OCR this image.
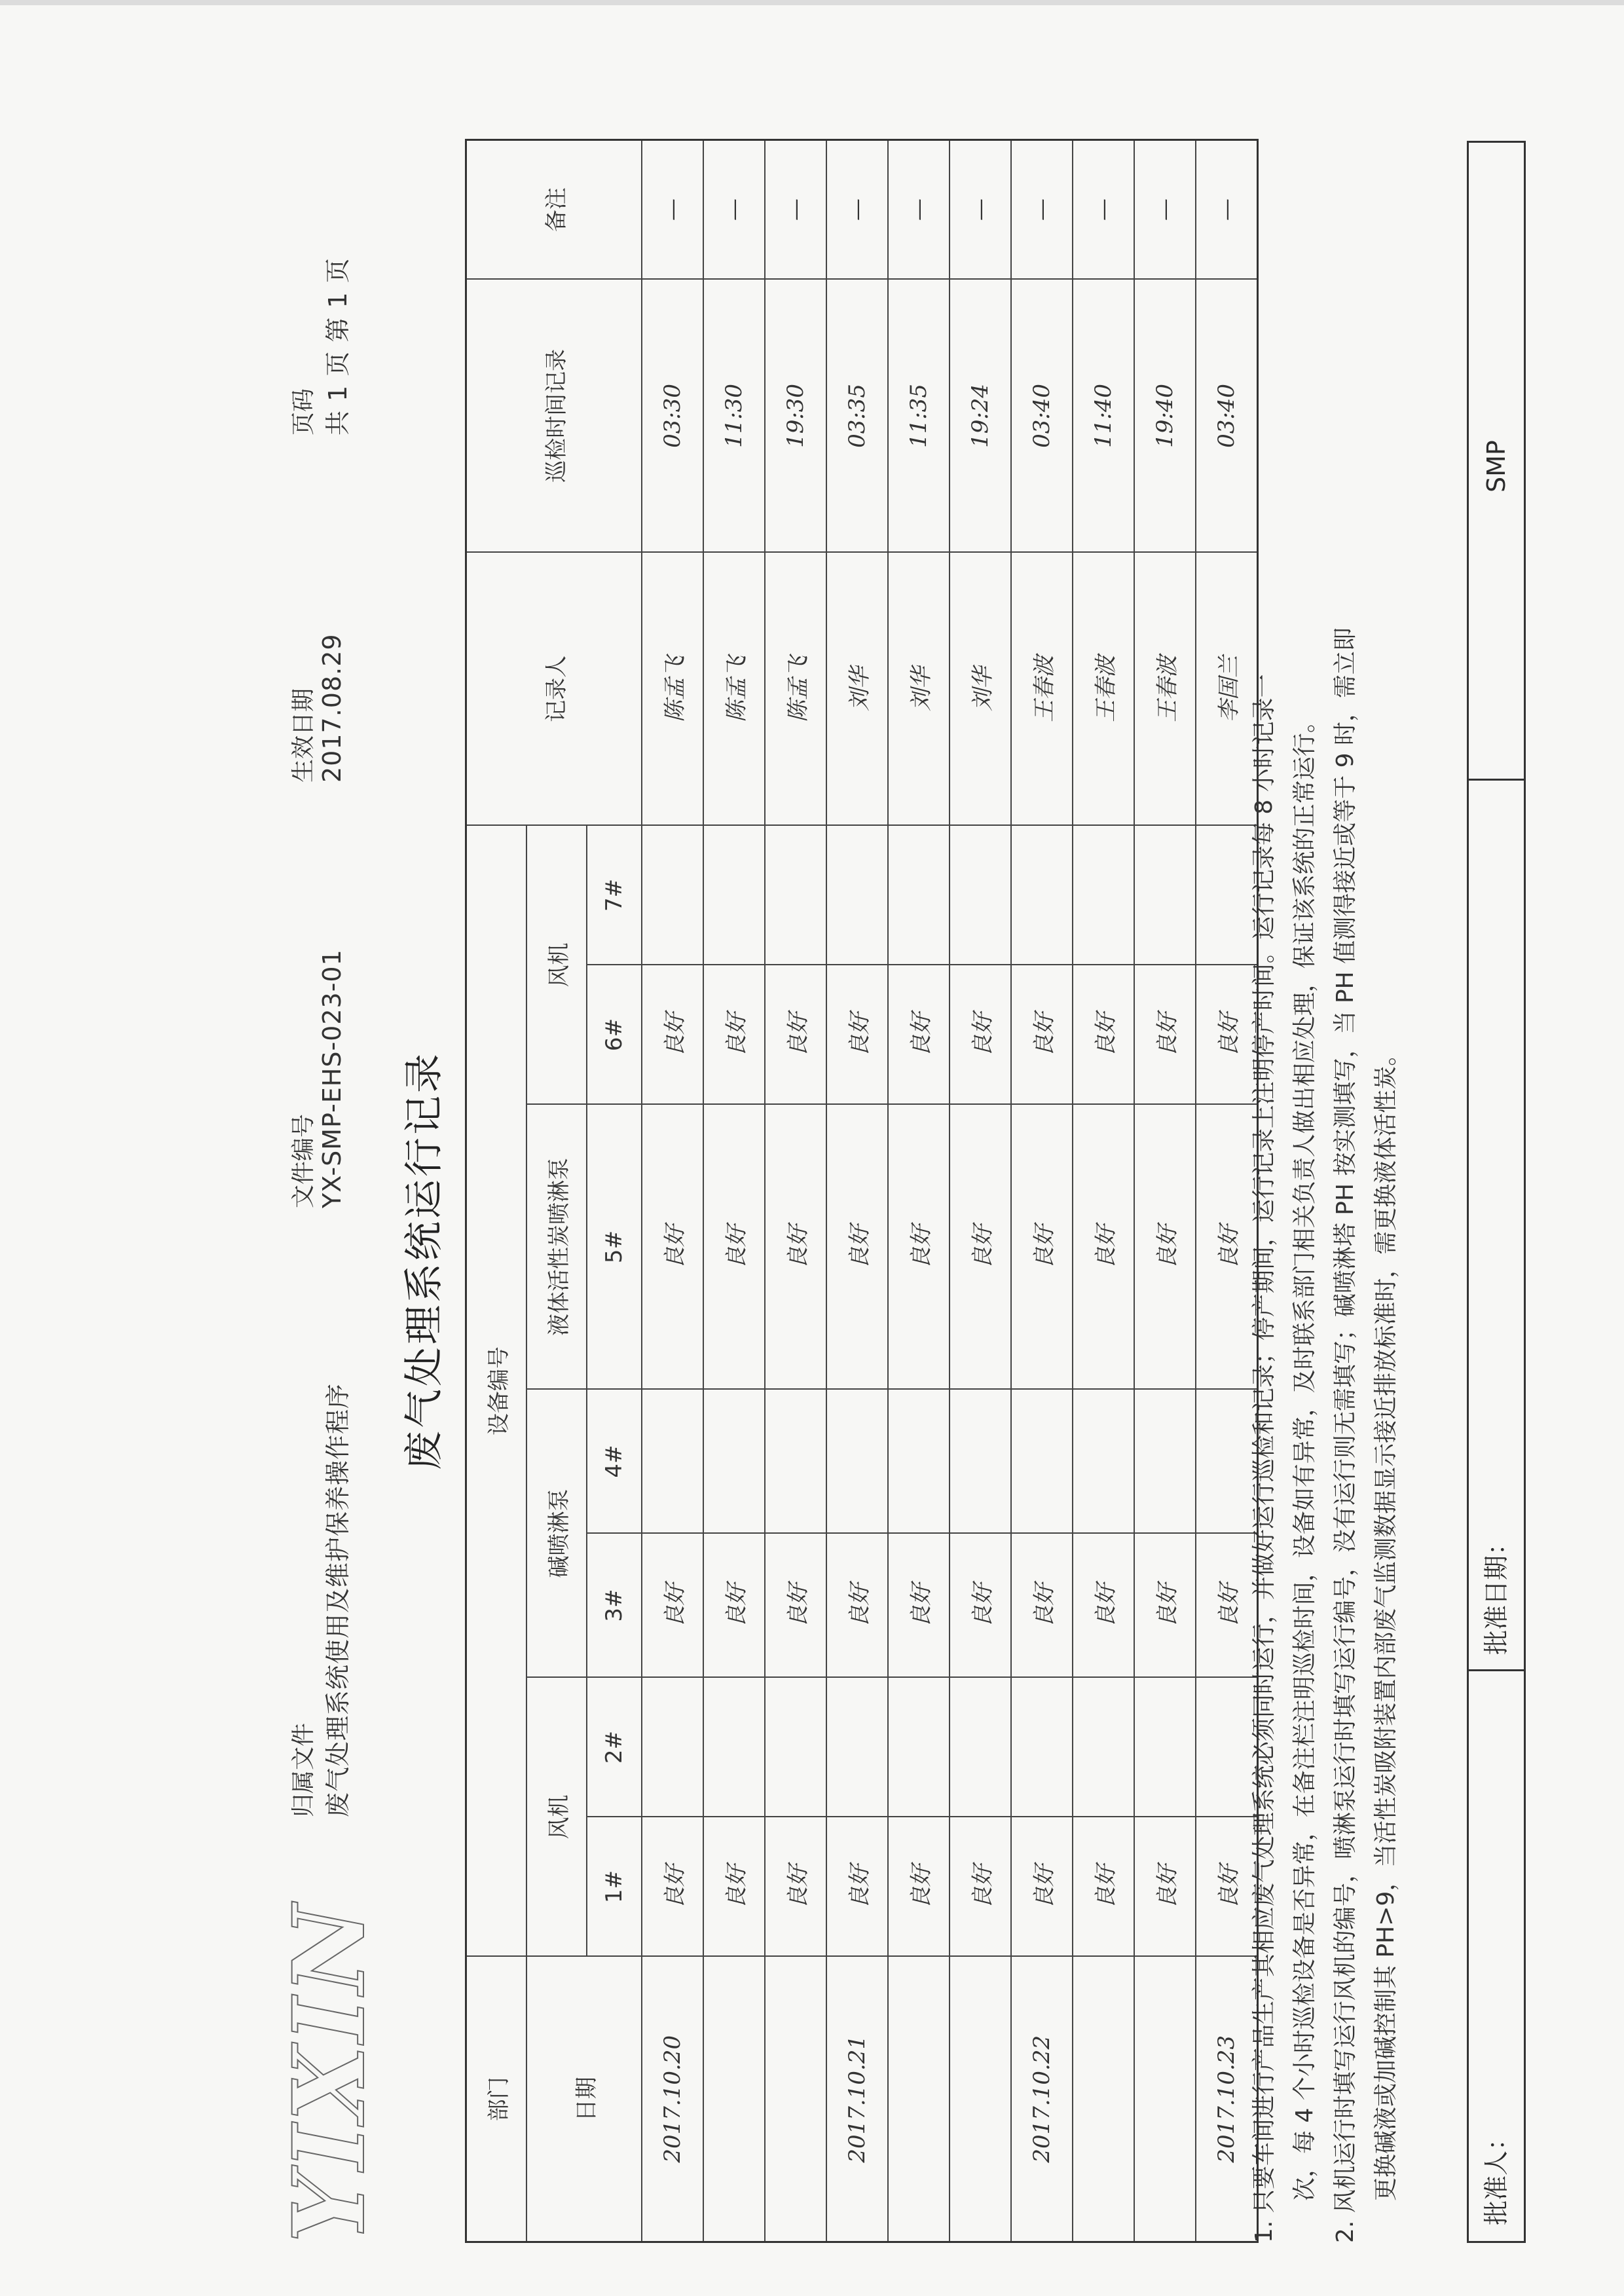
YIXIN
归属文件 废气处理系统使用及维护保养操作程序
文件编号 YX-SMP-EHS-023-01
生效日期 2017.08.29
页码 共 1 页 第 1 页
废气处理系统运行记录
部门	设备编号							记录人	巡检时间记录	备注
日期	风机		碱喷淋泵		液体活性炭喷淋泵	风机				
	1#	2#	3#	4#	5#	6#	7#			
2017.10.20	良好		良好		良好	良好		陈孟飞	03:30	—
	良好		良好		良好	良好		陈孟飞	11:30	—
	良好		良好		良好	良好		陈孟飞	19:30	—
2017.10.21	良好		良好		良好	良好		刘华	03:35	—
	良好		良好		良好	良好		刘华	11:35	—
	良好		良好		良好	良好		刘华	19:24	—
2017.10.22	良好		良好		良好	良好		王春波	03:40	—
	良好		良好		良好	良好		王春波	11:40	—
	良好		良好		良好	良好		王春波	19:40	—
2017.10.23	良好		良好		良好	良好		李国兰	03:40	—
1. 只要车间进行产品生产其相应废气处理系统必须同时运行，并做好运行巡检和记录；停产期间，运行记录上注明停产时间。运行记录每 8 小时记录一 次，每 4 个小时巡检设备是否异常，在备注栏注明巡检时间，设备如有异常，及时联系部门相关负责人做出相应处理，保证该系统的正常运行。
2. 风机运行时填写运行风机的编号，喷淋泵运行时填写运行编号，没有运行则无需填写；碱喷淋塔 PH 按实测填写，当 PH 值测得接近或等于 9 时，需立即 更换碱液或加碱控制其 PH>9，当活性炭吸附装置内部废气监测数据显示接近排放标准时，需更换液体活性炭。	批准人：
批准日期：
SMP
